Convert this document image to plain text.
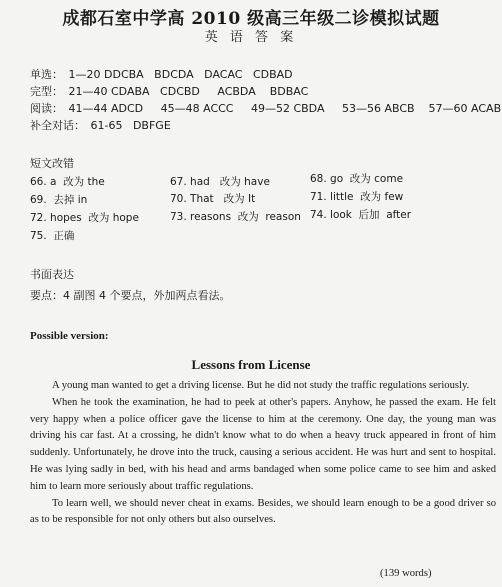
成都石室中学高 2010 级高三年级二诊模拟试题
英 语 答 案
单选： 1—20 DDCBA   BDCDA   DACAC   CDBAD
完型： 21—40 CDABA   CDCBD     ACBDA    BDBAC
阅读： 41—44 ADCD     45—48 ACCC     49—52 CBDA     53—56 ABCB    57—60 ACAB
补全对话： 61-65   DBFGE
短文改错
66. a  改为 the	67. had   改为 have	68. go  改为 come
69.  去掉 in	70. That   改为 It	71. little  改为 few
72. hopes  改为 hope	73. reasons  改为  reason 74. look  后加  after
75.  正确
书面表达
要点：4 副图 4 个要点，外加两点看法。
Possible version:
Lessons from License

A young man wanted to get a driving license. But he did not study the traffic regulations seriously.

When he took the examination, he had to peek at other's papers. Anyhow, he passed the exam. He felt very happy when a police officer gave the license to him at the ceremony. One day, the young man was driving his car fast. At a crossing, he didn't know what to do when a heavy truck appeared in front of him suddenly. Unfortunately, he drove into the truck, causing a serious accident. He was hurt and sent to hospital. He was lying sadly in bed, with his head and arms bandaged when some police came to see him and asked him to learn more seriously about traffic regulations.

To learn well, we should never cheat in exams. Besides, we should learn enough to be a good driver so as to be responsible for not only others but also ourselves.

(139 words)
